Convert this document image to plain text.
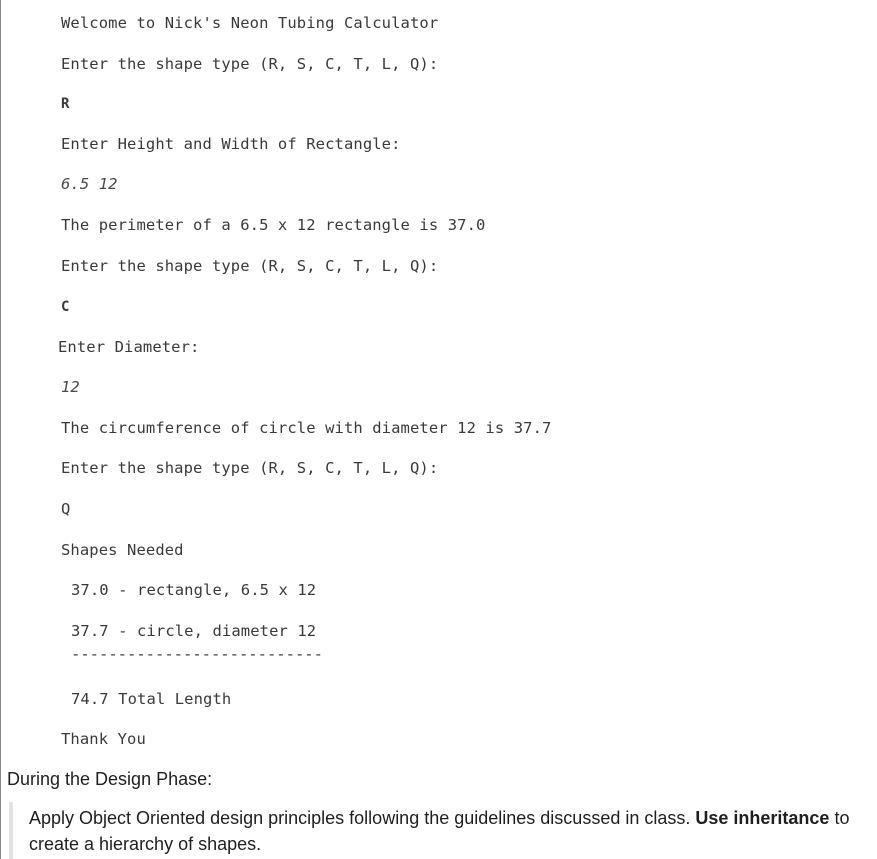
Welcome to Nick's Neon Tubing Calculator
Enter the shape type (R, S, C, T, L, Q):
R
Enter Height and Width of Rectangle:
6.5 12
The perimeter of a 6.5 x 12 rectangle is 37.0
Enter the shape type (R, S, C, T, L, Q):
C
Enter Diameter:
12
The circumference of circle with diameter 12 is 37.7
Enter the shape type (R, S, C, T, L, Q):
Q
Shapes Needed
37.0 - rectangle, 6.5 x 12
37.7 - circle, diameter 12
---------------------------
74.7 Total Length
Thank You
During the Design Phase:
Apply Object Oriented design principles following the guidelines discussed in class. Use inheritance to
create a hierarchy of shapes.
